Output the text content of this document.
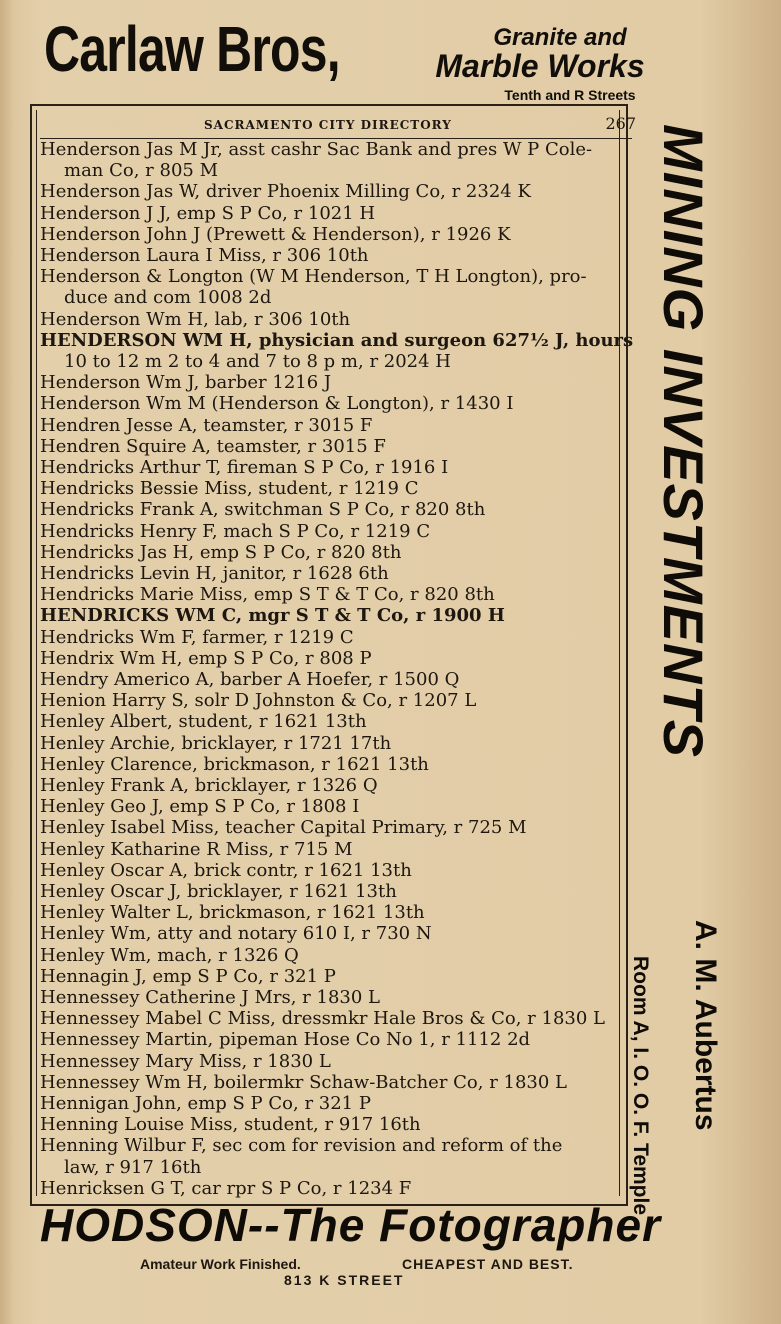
Carlaw Bros,	Granite and
Marble Works
Tenth and R Streets
SACRAMENTO CITY DIRECTORY	267
Henderson Jas M Jr, asst cashr Sac Bank and pres W P Cole-
man Co, r 805 M
Henderson Jas W, driver Phoenix Milling Co, r 2324 K
Henderson J J, emp S P Co, r 1021 H
Henderson John J (Prewett & Henderson), r 1926 K
Henderson Laura I Miss, r 306 10th
Henderson & Longton (W M Henderson, T H Longton), pro-
duce and com 1008 2d
Henderson Wm H, lab, r 306 10th
HENDERSON WM H, physician and surgeon 627½ J, hours
10 to 12 m 2 to 4 and 7 to 8 p m, r 2024 H
Henderson Wm J, barber 1216 J
Henderson Wm M (Henderson & Longton), r 1430 I
Hendren Jesse A, teamster, r 3015 F
Hendren Squire A, teamster, r 3015 F
Hendricks Arthur T, fireman S P Co, r 1916 I
Hendricks Bessie Miss, student, r 1219 C
Hendricks Frank A, switchman S P Co, r 820 8th
Hendricks Henry F, mach S P Co, r 1219 C
Hendricks Jas H, emp S P Co, r 820 8th
Hendricks Levin H, janitor, r 1628 6th
Hendricks Marie Miss, emp S T & T Co, r 820 8th
HENDRICKS WM C, mgr S T & T Co, r 1900 H
Hendricks Wm F, farmer, r 1219 C
Hendrix Wm H, emp S P Co, r 808 P
Hendry Americo A, barber A Hoefer, r 1500 Q
Henion Harry S, solr D Johnston & Co, r 1207 L
Henley Albert, student, r 1621 13th
Henley Archie, bricklayer, r 1721 17th
Henley Clarence, brickmason, r 1621 13th
Henley Frank A, bricklayer, r 1326 Q
Henley Geo J, emp S P Co, r 1808 I
Henley Isabel Miss, teacher Capital Primary, r 725 M
Henley Katharine R Miss, r 715 M
Henley Oscar A, brick contr, r 1621 13th
Henley Oscar J, bricklayer, r 1621 13th
Henley Walter L, brickmason, r 1621 13th
Henley Wm, atty and notary 610 I, r 730 N
Henley Wm, mach, r 1326 Q
Hennagin J, emp S P Co, r 321 P
Hennessey Catherine J Mrs, r 1830 L
Hennessey Mabel C Miss, dressmkr Hale Bros & Co, r 1830 L
Hennessey Martin, pipeman Hose Co No 1, r 1112 2d
Hennessey Mary Miss, r 1830 L
Hennessey Wm H, boilermkr Schaw-Batcher Co, r 1830 L
Hennigan John, emp S P Co, r 321 P
Henning Louise Miss, student, r 917 16th
Henning Wilbur F, sec com for revision and reform of the
law, r 917 16th
Henricksen G T, car rpr S P Co, r 1234 F
MINING INVESTMENTS
A. M. Aubertus
Room A, I. O. O. F. Temple
HODSON--The Fotographer
Amateur Work Finished.	CHEAPEST AND BEST.
813 K STREET
